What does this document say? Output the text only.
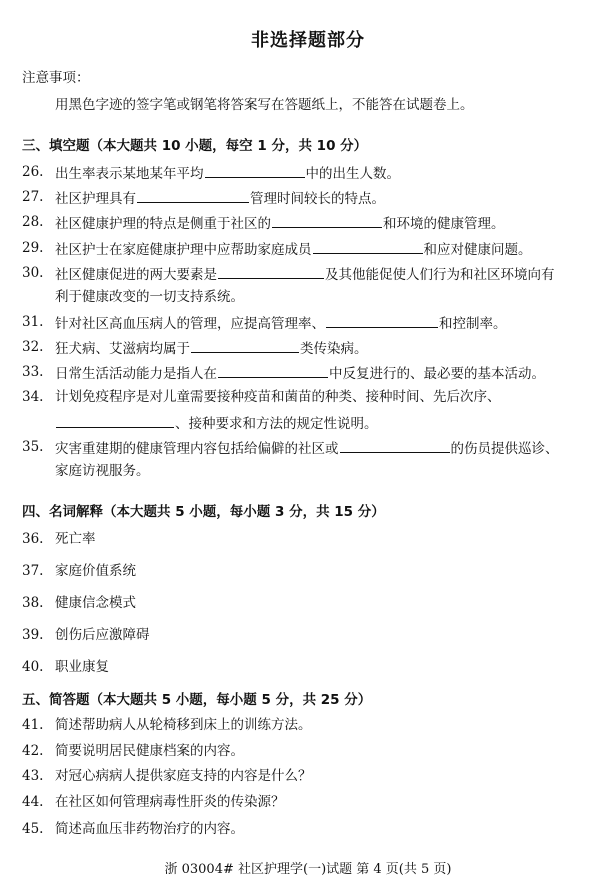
非选择题部分
注意事项：
用黑色字迹的签字笔或钢笔将答案写在答题纸上，不能答在试题卷上。
三、填空题（本大题共 10 小题，每空 1 分，共 10 分）
26. 出生率表示某地某年平均	中的出生人数。
27. 社区护理具有	管理时间较长的特点。
28. 社区健康护理的特点是侧重于社区的	和环境的健康管理。
29. 社区护士在家庭健康护理中应帮助家庭成员	和应对健康问题。
30. 社区健康促进的两大要素是	及其他能促使人们行为和社区环境向有
利于健康改变的一切支持系统。
31. 针对社区高血压病人的管理，应提高管理率、	和控制率。
32. 狂犬病、艾滋病均属于	类传染病。
33. 日常生活活动能力是指人在	中反复进行的、最必要的基本活动。
34. 计划免疫程序是对儿童需要接种疫苗和菌苗的种类、接种时间、先后次序、
、接种要求和方法的规定性说明。
35. 灾害重建期的健康管理内容包括给偏僻的社区或	的伤员提供巡诊、
家庭访视服务。
四、名词解释（本大题共 5 小题，每小题 3 分，共 15 分）
36. 死亡率
37. 家庭价值系统
38. 健康信念模式
39. 创伤后应激障碍
40. 职业康复
五、简答题（本大题共 5 小题，每小题 5 分，共 25 分）
41. 简述帮助病人从轮椅移到床上的训练方法。
42. 简要说明居民健康档案的内容。
43. 对冠心病病人提供家庭支持的内容是什么？
44. 在社区如何管理病毒性肝炎的传染源？
45. 简述高血压非药物治疗的内容。
浙 03004# 社区护理学(一)试题 第 4 页(共 5 页)
